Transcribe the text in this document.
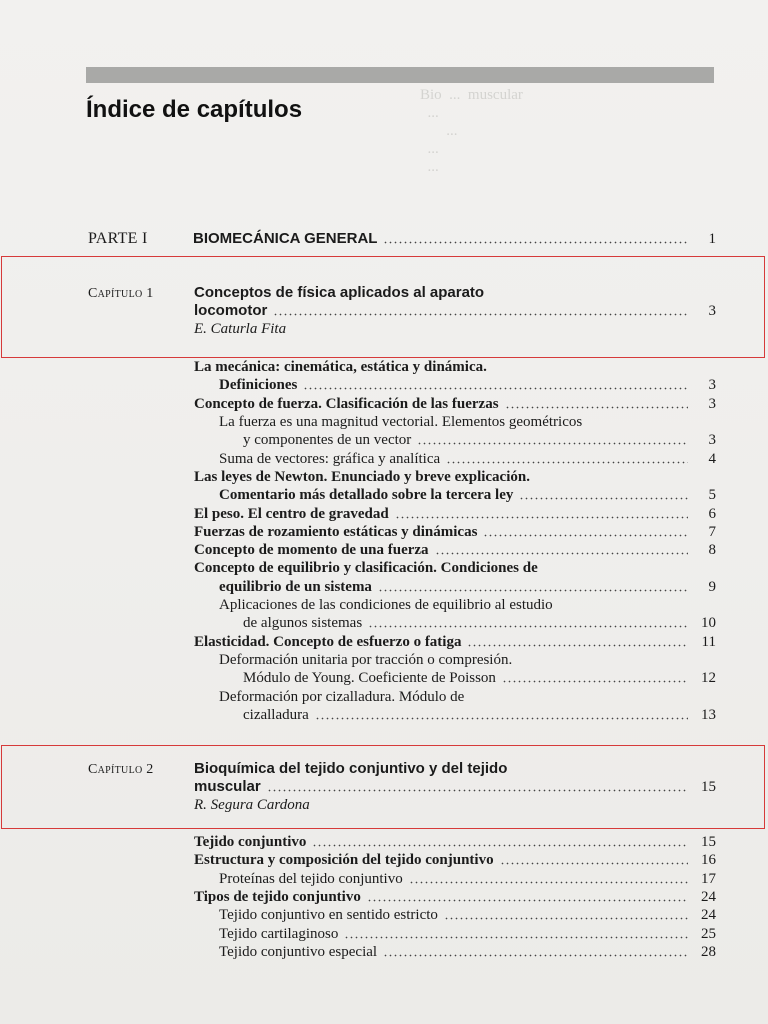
Bio  ...  muscular
...
...
...
...
Índice de capítulos
PARTE I	BIOMECÁNICA GENERAL	1
Capítulo 1	Conceptos de física aplicados al aparato
locomotor	3
E. Caturla Fita
La mecánica: cinemática, estática y dinámica.
Definiciones	3
Concepto de fuerza. Clasificación de las fuerzas	3
La fuerza es una magnitud vectorial. Elementos geométricos
y componentes de un vector	3
Suma de vectores: gráfica y analítica	4
Las leyes de Newton. Enunciado y breve explicación.
Comentario más detallado sobre la tercera ley	5
El peso. El centro de gravedad	6
Fuerzas de rozamiento estáticas y dinámicas	7
Concepto de momento de una fuerza	8
Concepto de equilibrio y clasificación. Condiciones de
equilibrio de un sistema	9
Aplicaciones de las condiciones de equilibrio al estudio
de algunos sistemas	10
Elasticidad. Concepto de esfuerzo o fatiga	11
Deformación unitaria por tracción o compresión.
Módulo de Young. Coeficiente de Poisson	12
Deformación por cizalladura. Módulo de
cizalladura	13
Capítulo 2	Bioquímica del tejido conjuntivo y del tejido
muscular	15
R. Segura Cardona
Tejido conjuntivo	15
Estructura y composición del tejido conjuntivo	16
Proteínas del tejido conjuntivo	17
Tipos de tejido conjuntivo	24
Tejido conjuntivo en sentido estricto	24
Tejido cartilaginoso	25
Tejido conjuntivo especial	28
